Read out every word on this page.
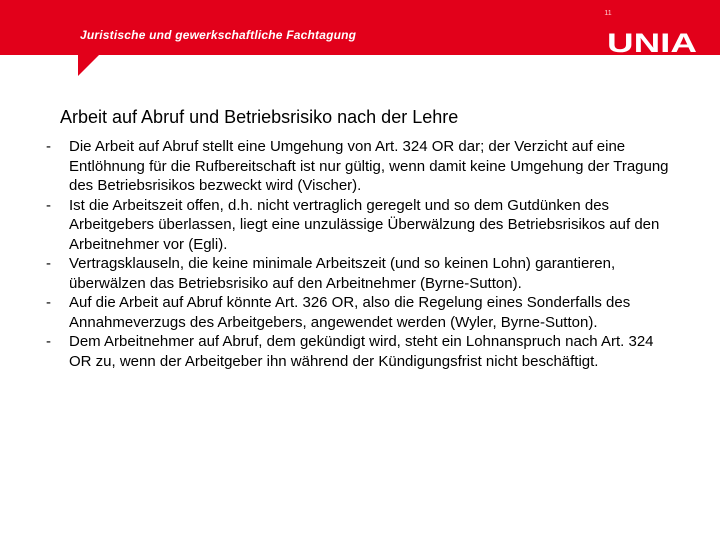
11
Juristische und gewerkschaftliche Fachtagung	UNIA
Arbeit auf Abruf und Betriebsrisiko nach der Lehre
-	Die Arbeit auf Abruf stellt eine Umgehung von Art. 324 OR dar; der Verzicht auf eine Entlöhnung für die Rufbereitschaft ist nur gültig, wenn damit keine Umgehung der Tragung des Betriebsrisikos bezweckt wird (Vischer).
-	Ist die Arbeitszeit offen, d.h. nicht vertraglich geregelt und so dem Gutdünken des Arbeitgebers überlassen, liegt eine unzulässige Überwälzung des Betriebsrisikos auf den Arbeitnehmer vor (Egli).
-	Vertragsklauseln, die keine minimale Arbeitszeit (und so keinen Lohn) garantieren, überwälzen das Betriebsrisiko auf den Arbeitnehmer (Byrne-Sutton).
-	Auf die Arbeit auf Abruf könnte Art. 326 OR, also die Regelung eines Sonderfalls des Annahmeverzugs des Arbeitgebers, angewendet werden (Wyler, Byrne-Sutton).
-	Dem Arbeitnehmer auf Abruf, dem gekündigt wird, steht ein Lohnanspruch nach Art. 324 OR zu, wenn der Arbeitgeber ihn während der Kündigungsfrist nicht beschäftigt.
